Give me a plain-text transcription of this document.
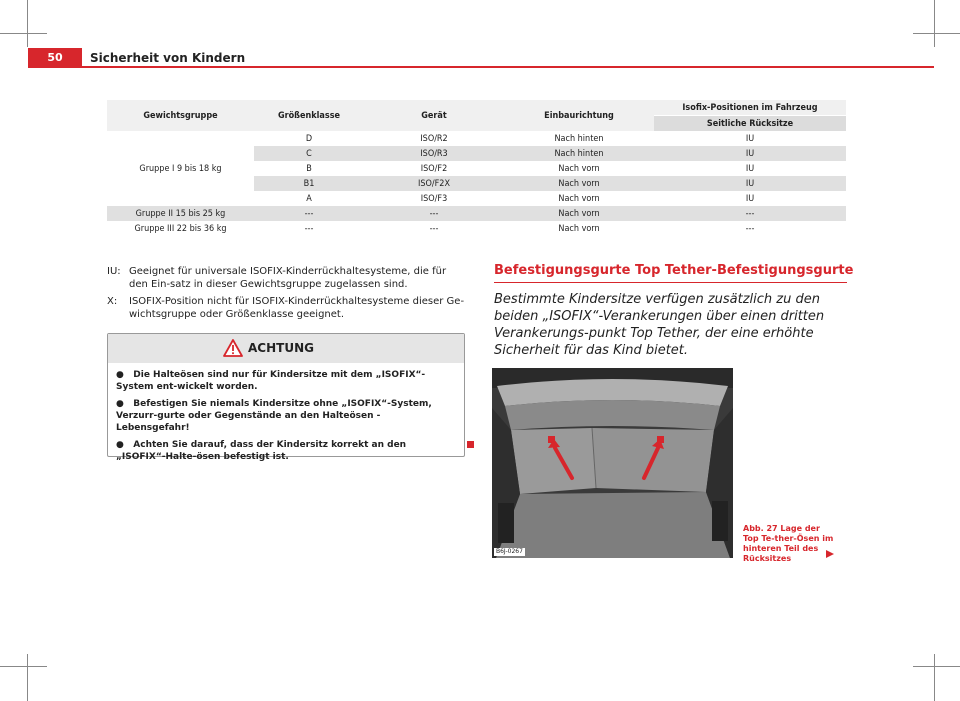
50	Sicherheit von Kindern
Gewichtsgruppe	Größenklasse	Gerät	Einbaurichtung	Isofix-Positionen im Fahrzeug
				Seitliche Rücksitze
Gruppe I 9 bis 18 kg	D	ISO/R2	Nach hinten	IU
	C	ISO/R3	Nach hinten	IU
	B	ISO/F2	Nach vorn	IU
	B1	ISO/F2X	Nach vorn	IU
	A	ISO/F3	Nach vorn	IU
Gruppe II 15 bis 25 kg	---	---	Nach vorn	---
Gruppe III 22 bis 36 kg	---	---	Nach vorn	---
IU: Geeignet für universale ISOFIX-Kinderrückhaltesysteme, die für den Ein-satz in dieser Gewichtsgruppe zugelassen sind.
X:	ISOFIX-Position nicht für ISOFIX-Kinderrückhaltesysteme dieser Ge-wichtsgruppe oder Größenklasse geeignet.
ACHTUNG

●   Die Halteösen sind nur für Kindersitze mit dem „ISOFIX“-System ent-wickelt worden.

●   Befestigen Sie niemals Kindersitze ohne „ISOFIX“-System, Verzurr-gurte oder Gegenstände an den Halteösen - Lebensgefahr!

●   Achten Sie darauf, dass der Kindersitz korrekt an den „ISOFIX“-Halte-ösen befestigt ist.

Befestigungsgurte Top Tether-Befestigungsgurte
Bestimmte Kindersitze verfügen zusätzlich zu den beiden „ISOFIX“-Verankerungen über einen dritten Verankerungs-punkt Top Tether, der eine erhöhte Sicherheit für das Kind bietet.
B6J-0267
Abb. 27 Lage der Top Te-ther-Ösen im hinteren Teil des Rücksitzes
